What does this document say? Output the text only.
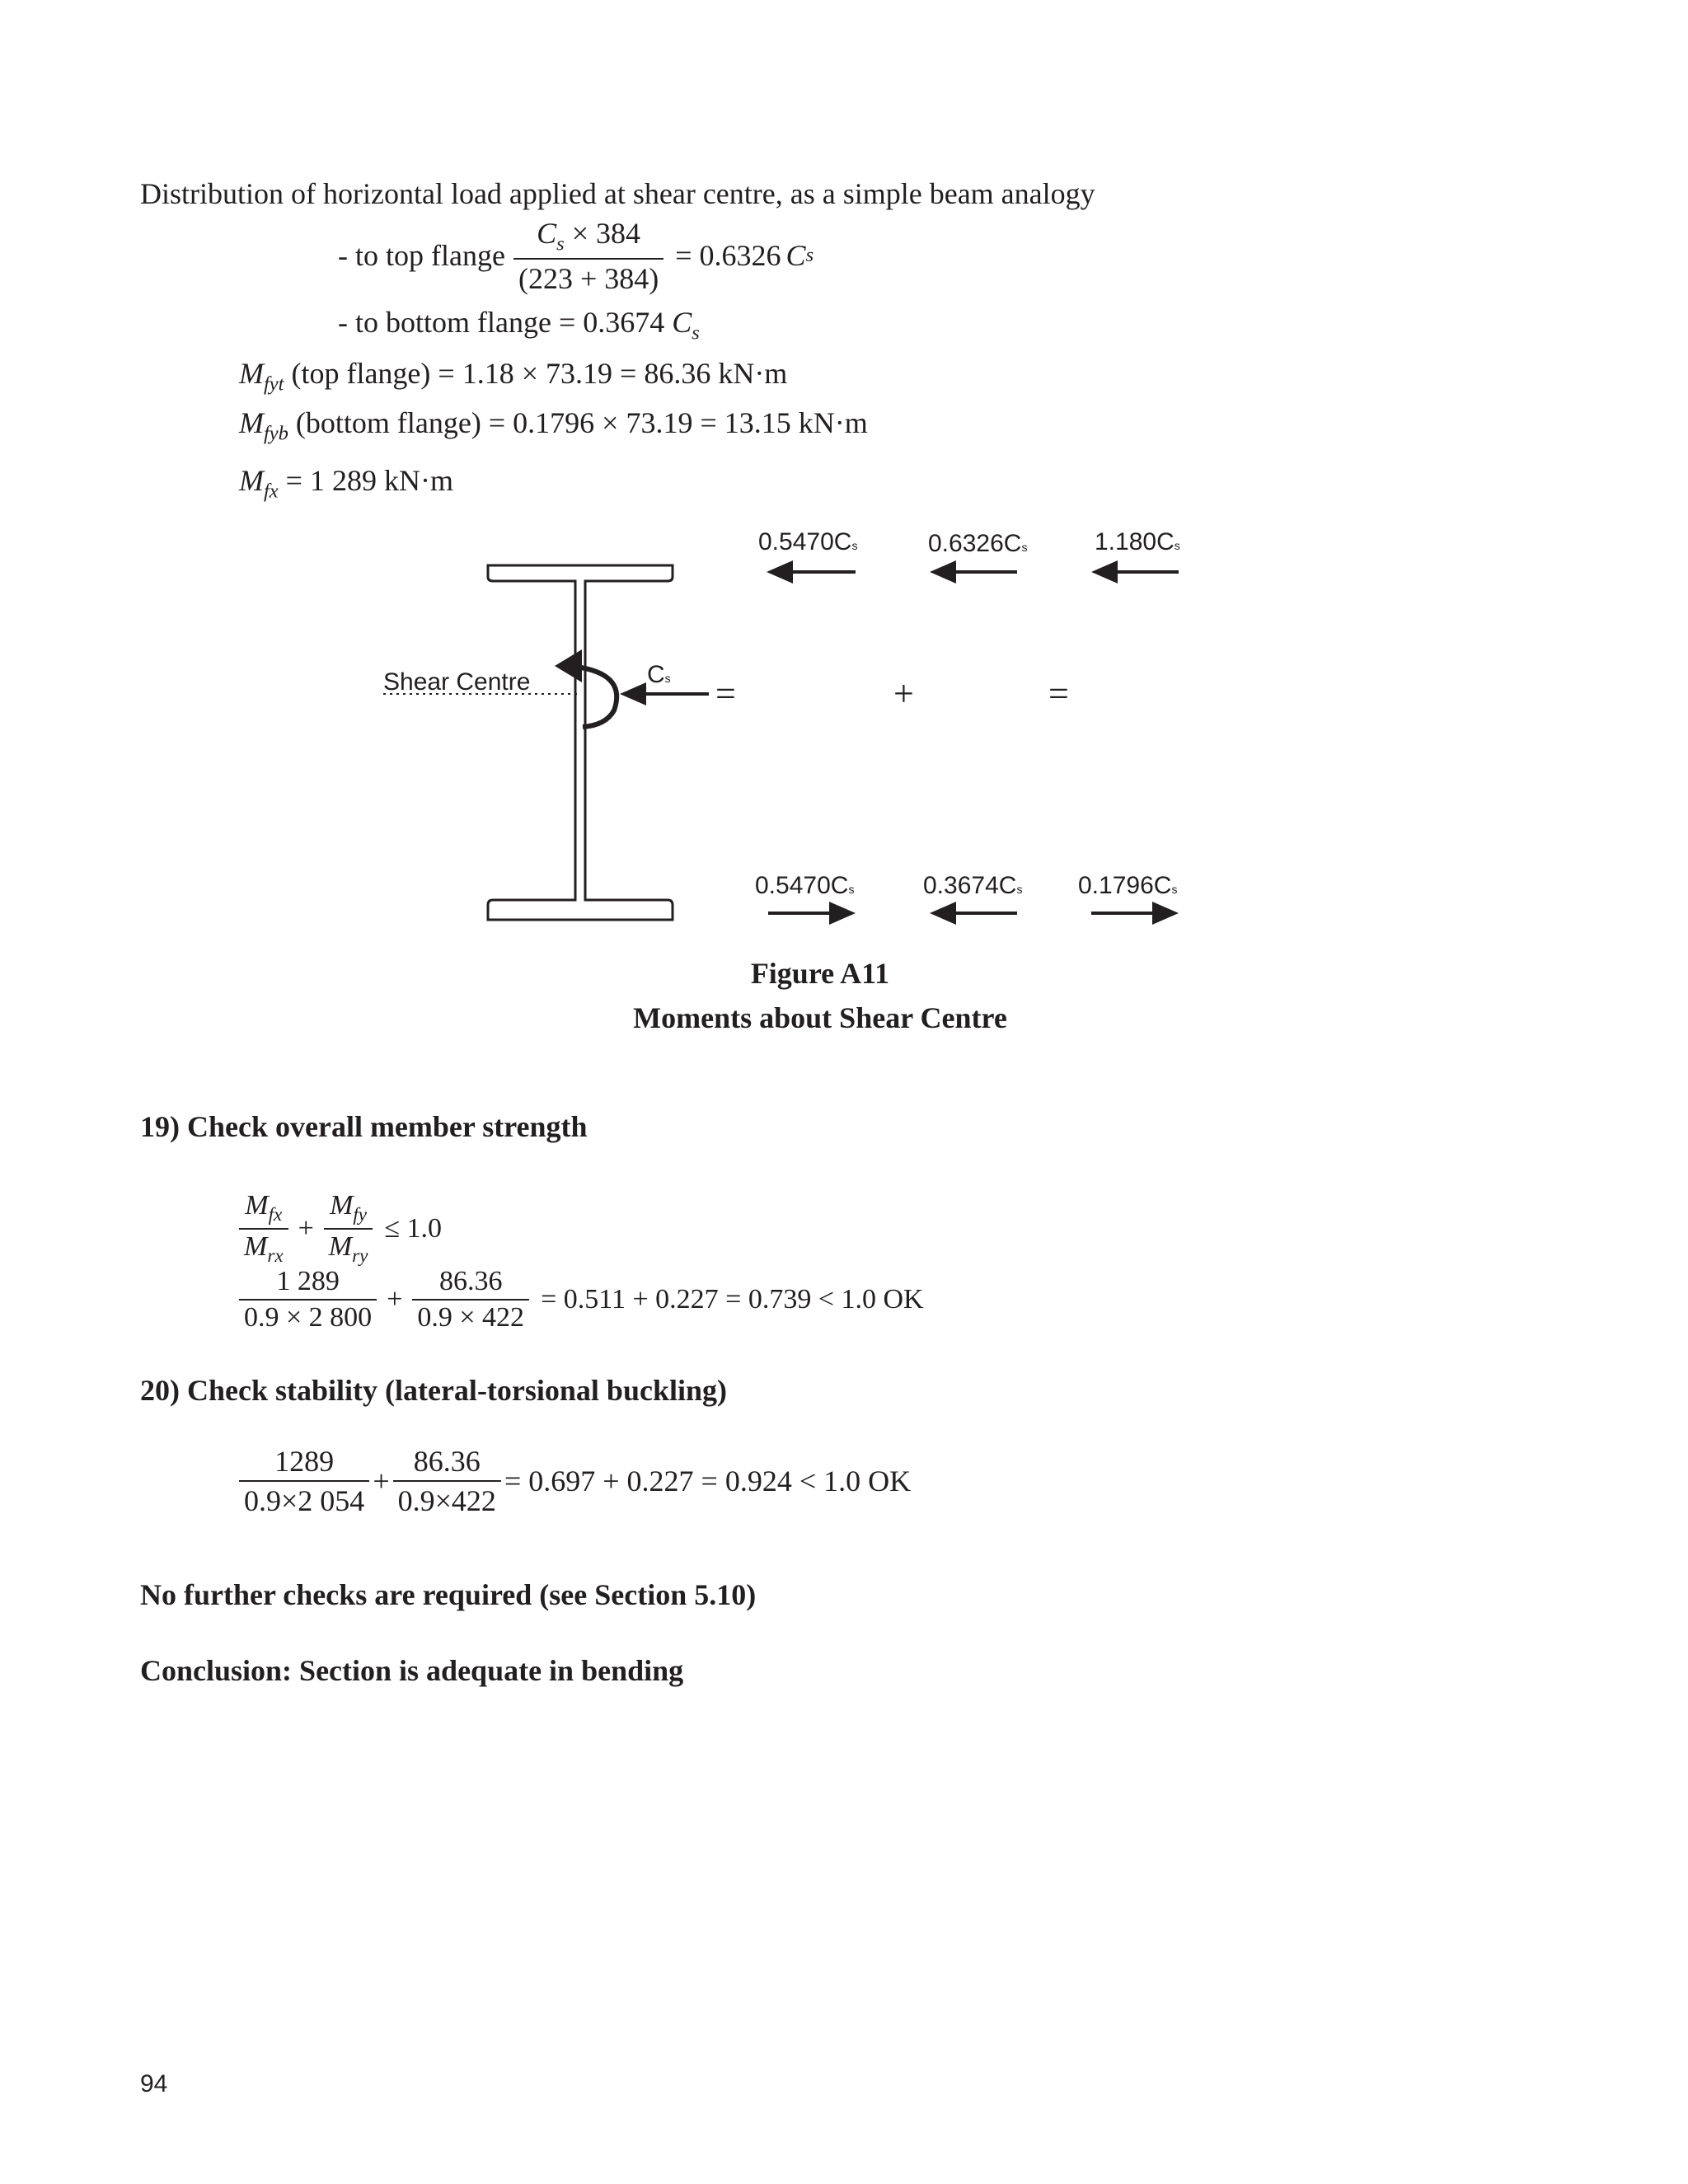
Distribution of horizontal load applied at shear centre, as a simple beam analogy
- to top flange $\frac{C_s \times 384}{(223 + 384)} = 0.6326$ C s
- to bottom flange = 0.3674 $C_s$
$M_{fyt}$ (top flange) = 1.18 × 73.19 = 86.36 kN·m
$M_{fyb}$ (bottom flange) = 0.1796 × 73.19 = 13.15 kN·m
$M_{fx} = 1$ 289 kN·m
Shear Centre	Cs =	+	=
0.5470Cs	0.6326Cs	1.180Cs
0.5470Cs	0.3674Cs 0.1796Cs
Figure A11
Moments about Shear Centre
19) Check overall member strength
$\frac{M_{fx}}{M_{rx}} + \frac{M_{fy}}{M_{ry}} \le 1.0$
$\frac{1 289}{0.9 \times 2 800} + \frac{86.36}{0.9 \times 422} = 0.511 + 0.227 = 0.739 < 1.0$ OK
20) Check stability (lateral-torsional buckling)
$\frac{1289}{0.9\times 2 054} + \frac{86.36}{0.9\times 422} = 0.697 + 0.227 = 0.924 < 1.0$ OK
No further checks are required (see Section 5.10)
Conclusion: Section is adequate in bending
94
